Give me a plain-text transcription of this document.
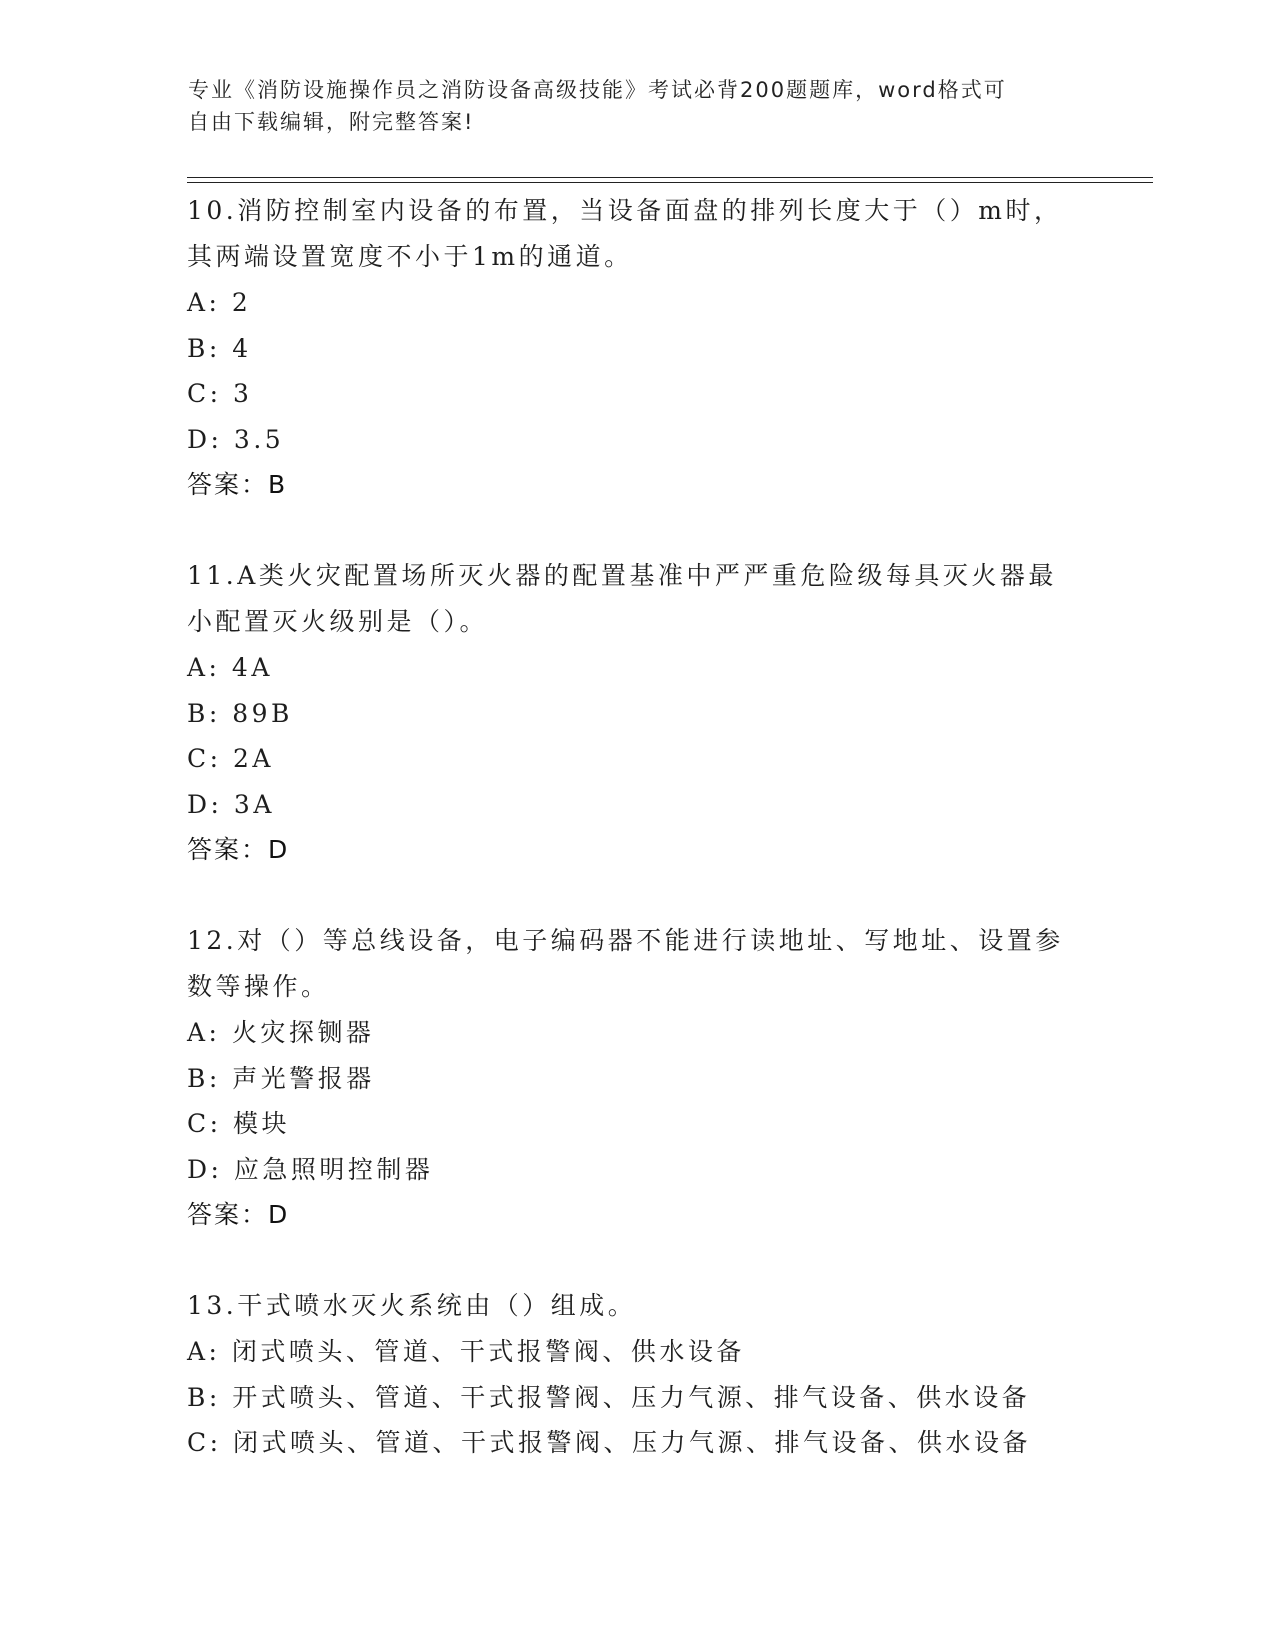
专业《消防设施操作员之消防设备高级技能》考试必背200题题库，word格式可
自由下载编辑，附完整答案!

10.消防控制室内设备的布置，当设备面盘的排列长度大于（）m时，

其两端设置宽度不小于1m的通道。

A: 2

B: 4

C: 3

D: 3.5

答案：B

11.A类火灾配置场所灭火器的配置基准中严严重危险级每具灭火器最

小配置灭火级别是（）。

A: 4A

B: 89B

C: 2A

D: 3A

答案：D

12.对（）等总线设备，电子编码器不能进行读地址、写地址、设置参

数等操作。

A: 火灾探铡器

B: 声光警报器

C: 模块

D: 应急照明控制器

答案：D

13.干式喷水灭火系统由（）组成。

A: 闭式喷头、管道、干式报警阀、供水设备

B: 开式喷头、管道、干式报警阀、压力气源、排气设备、供水设备

C: 闭式喷头、管道、干式报警阀、压力气源、排气设备、供水设备
